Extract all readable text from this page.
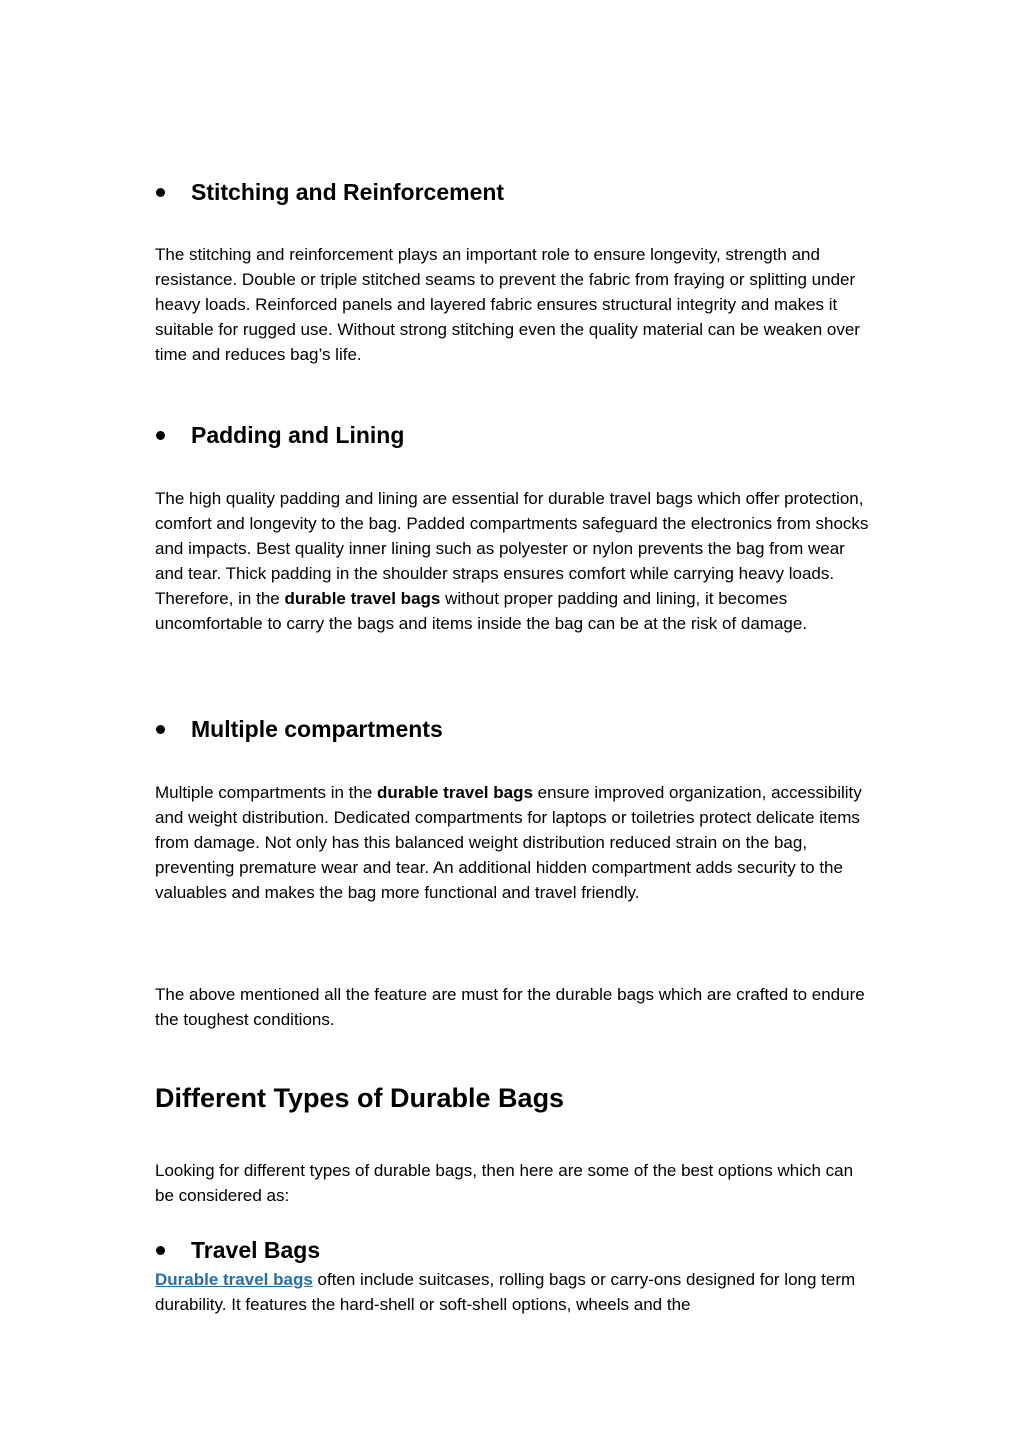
Stitching and Reinforcement

The stitching and reinforcement plays an important role to ensure longevity, strength and resistance. Double or triple stitched seams to prevent the fabric from fraying or splitting under heavy loads. Reinforced panels and layered fabric ensures structural integrity and makes it suitable for rugged use. Without strong stitching even the quality material can be weaken over time and reduces bag’s life.

Padding and Lining

The high quality padding and lining are essential for durable travel bags which offer protection, comfort and longevity to the bag. Padded compartments safeguard the electronics from shocks and impacts. Best quality inner lining such as polyester or nylon prevents the bag from wear and tear. Thick padding in the shoulder straps ensures comfort while carrying heavy loads. Therefore, in the durable travel bags without proper padding and lining, it becomes uncomfortable to carry the bags and items inside the bag can be at the risk of damage.

Multiple compartments

Multiple compartments in the durable travel bags ensure improved organization, accessibility and weight distribution. Dedicated compartments for laptops or toiletries protect delicate items from damage. Not only has this balanced weight distribution reduced strain on the bag, preventing premature wear and tear. An additional hidden compartment adds security to the valuables and makes the bag more functional and travel friendly.

The above mentioned all the feature are must for the durable bags which are crafted to endure the toughest conditions.

Different Types of Durable Bags

Looking for different types of durable bags, then here are some of the best options which can be considered as:

Travel Bags

Durable travel bags often include suitcases, rolling bags or carry-ons designed for long term durability. It features the hard-shell or soft-shell options, wheels and the
